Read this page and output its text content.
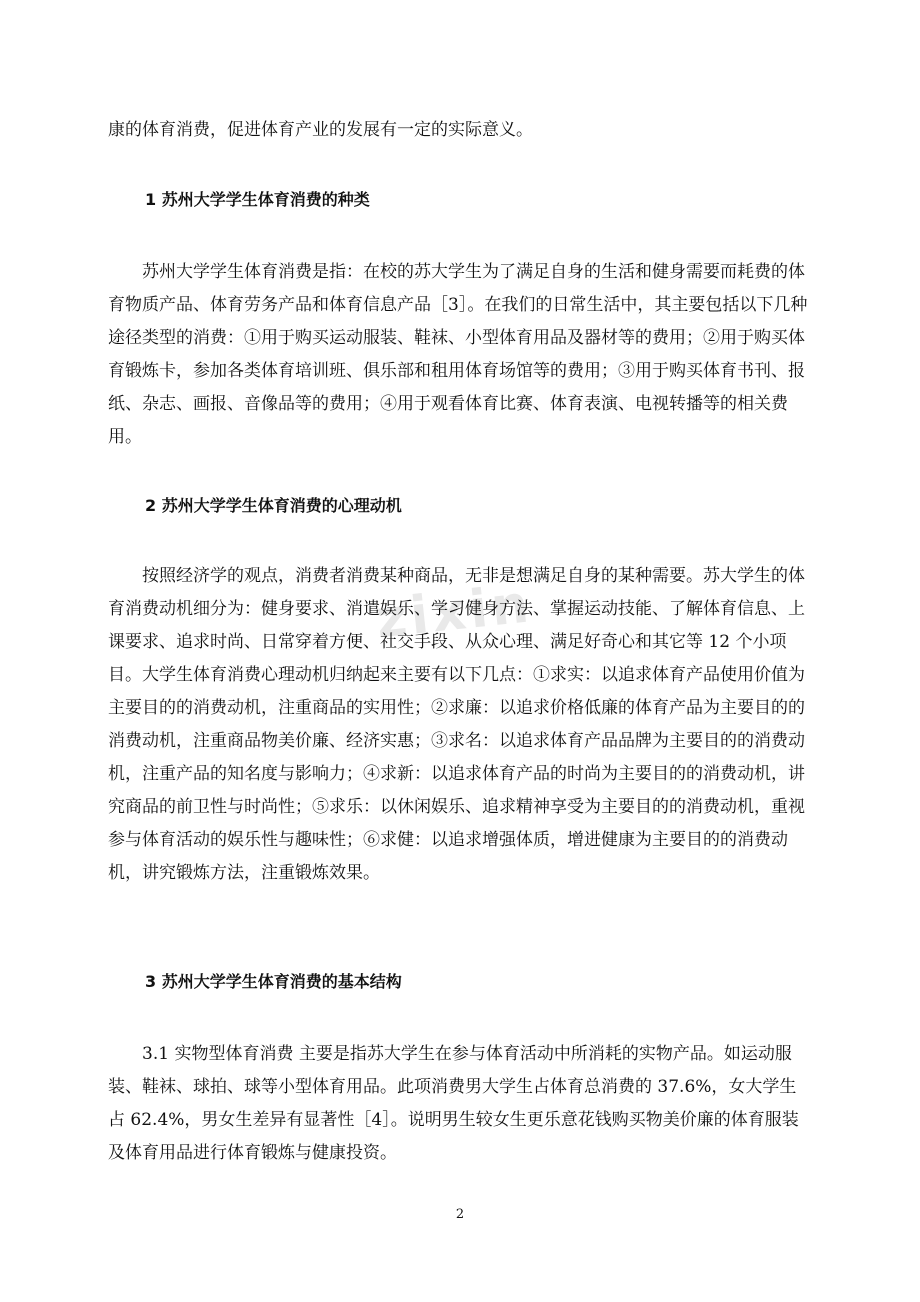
zixin

康的体育消费，促进体育产业的发展有一定的实际意义。

1 苏州大学学生体育消费的种类

苏州大学学生体育消费是指：在校的苏大学生为了满足自身的生活和健身需要而耗费的体育物质产品、体育劳务产品和体育信息产品［3］。在我们的日常生活中，其主要包括以下几种途径类型的消费：①用于购买运动服装、鞋袜、小型体育用品及器材等的费用；②用于购买体育锻炼卡，参加各类体育培训班、俱乐部和租用体育场馆等的费用；③用于购买体育书刊、报纸、杂志、画报、音像品等的费用；④用于观看体育比赛、体育表演、电视转播等的相关费用。

2 苏州大学学生体育消费的心理动机

按照经济学的观点，消费者消费某种商品，无非是想满足自身的某种需要。苏大学生的体育消费动机细分为：健身要求、消遣娱乐、学习健身方法、掌握运动技能、了解体育信息、上课要求、追求时尚、日常穿着方便、社交手段、从众心理、满足好奇心和其它等 12 个小项目。大学生体育消费心理动机归纳起来主要有以下几点：①求实：以追求体育产品使用价值为主要目的的消费动机，注重商品的实用性；②求廉：以追求价格低廉的体育产品为主要目的的消费动机，注重商品物美价廉、经济实惠；③求名：以追求体育产品品牌为主要目的的消费动机，注重产品的知名度与影响力；④求新：以追求体育产品的时尚为主要目的的消费动机，讲究商品的前卫性与时尚性；⑤求乐：以休闲娱乐、追求精神享受为主要目的的消费动机，重视参与体育活动的娱乐性与趣味性；⑥求健：以追求增强体质，增进健康为主要目的的消费动机，讲究锻炼方法，注重锻炼效果。

3 苏州大学学生体育消费的基本结构

3.1 实物型体育消费 主要是指苏大学生在参与体育活动中所消耗的实物产品。如运动服装、鞋袜、球拍、球等小型体育用品。此项消费男大学生占体育总消费的 37.6%，女大学生占 62.4%，男女生差异有显著性［4］。说明男生较女生更乐意花钱购买物美价廉的体育服装及体育用品进行体育锻炼与健康投资。

2
